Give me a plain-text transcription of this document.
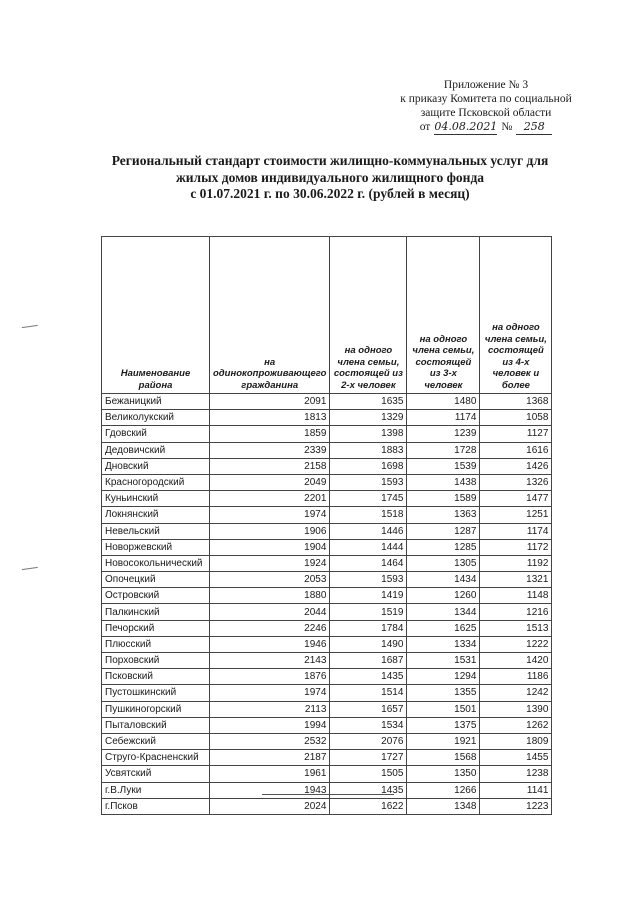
Приложение № 3
к приказу Комитета по социальной
защите Псковской области
от 04.08.2021 №	258
Региональный стандарт стоимости жилищно-коммунальных услуг для
жилых домов индивидуального жилищного фонда
с 01.07.2021 г. по 30.06.2022 г. (рублей в месяц)
Наименование района	на одинокопроживающего гражданина	на одного члена семьи, состоящей из 2-х человек	на одного члена семьи, состоящей из 3-х человек	на одного члена семьи, состоящей из 4-х человек и более
Бежаницкий	2091	1635	1480	1368
Великолукский	1813	1329	1174	1058
Гдовский	1859	1398	1239	1127
Дедовичский	2339	1883	1728	1616
Дновский	2158	1698	1539	1426
Красногородский	2049	1593	1438	1326
Куньинский	2201	1745	1589	1477
Локнянский	1974	1518	1363	1251
Невельский	1906	1446	1287	1174
Новоржевский	1904	1444	1285	1172
Новосокольнический	1924	1464	1305	1192
Опочецкий	2053	1593	1434	1321
Островский	1880	1419	1260	1148
Палкинский	2044	1519	1344	1216
Печорский	2246	1784	1625	1513
Плюсский	1946	1490	1334	1222
Порховский	2143	1687	1531	1420
Псковский	1876	1435	1294	1186
Пустошкинский	1974	1514	1355	1242
Пушкиногорский	2113	1657	1501	1390
Пыталовский	1994	1534	1375	1262
Себежский	2532	2076	1921	1809
Струго-Красненский	2187	1727	1568	1455
Усвятский	1961	1505	1350	1238
г.В.Луки	1943	1435	1266	1141
г.Псков	2024	1622	1348	1223
